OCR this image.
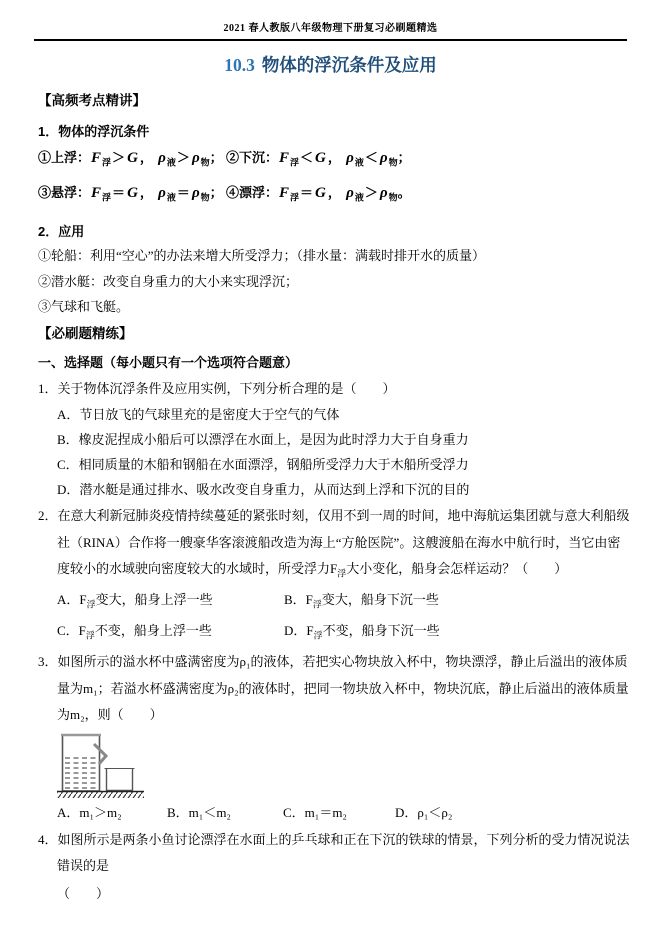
2021 春人教版八年级物理下册复习必刷题精选
10.3 物体的浮沉条件及应用
【高频考点精讲】
1．物体的浮沉条件
①上浮：$F_浮> G$ ， $\rho_液> \rho_物$； ②下沉：$F_浮< G$ ， $\rho_液< \rho_物$；
③悬浮：$F_浮= G$ ， $\rho_液= \rho_物$； ④漂浮：$F_浮= G$ ， $\rho_液> \rho_物$。
2．应用
①轮船：利用“空心”的办法来增大所受浮力；（排水量：满载时排开水的质量）
②潜水艇：改变自身重力的大小来实现浮沉；
③气球和飞艇。
【必刷题精练】
一、选择题（每小题只有一个选项符合题意）
1．关于物体沉浮条件及应用实例，下列分析合理的是（　　）
A．节日放飞的气球里充的是密度大于空气的气体
B．橡皮泥捏成小船后可以漂浮在水面上，是因为此时浮力大于自身重力
C．相同质量的木船和钢船在水面漂浮，钢船所受浮力大于木船所受浮力
D．潜水艇是通过排水、吸水改变自身重力，从而达到上浮和下沉的目的
2．在意大利新冠肺炎疫情持续蔓延的紧张时刻，仅用不到一周的时间，地中海航运集团就与意大利船级社（RINA）合作将一艘豪华客滚渡船改造为海上“方舱医院”。这艘渡船在海水中航行时，当它由密度较小的水域驶向密度较大的水域时，所受浮力$F_浮$大小变化，船身会怎样运动？（　　）
A．$F_浮$变大，船身上浮一些	B．$F_浮$变大，船身下沉一些
C．$F_浮$不变，船身上浮一些	D．$F_浮$不变，船身下沉一些
3．如图所示的溢水杯中盛满密度为ρ₁的液体，若把实心物块放入杯中，物块漂浮，静止后溢出的液体质量为m₁；若溢水杯盛满密度为ρ₂的液体时，把同一物块放入杯中，物块沉底，静止后溢出的液体质量为m₂，则（　　）
A．m₁＞m₂	B．m₁＜m₂	C．m₁＝m₂	D．ρ₁＜ρ₂
4．如图所示是两条小鱼讨论漂浮在水面上的乒乓球和正在下沉的铁球的情景，下列分析的受力情况说法错误的是
（　　）
